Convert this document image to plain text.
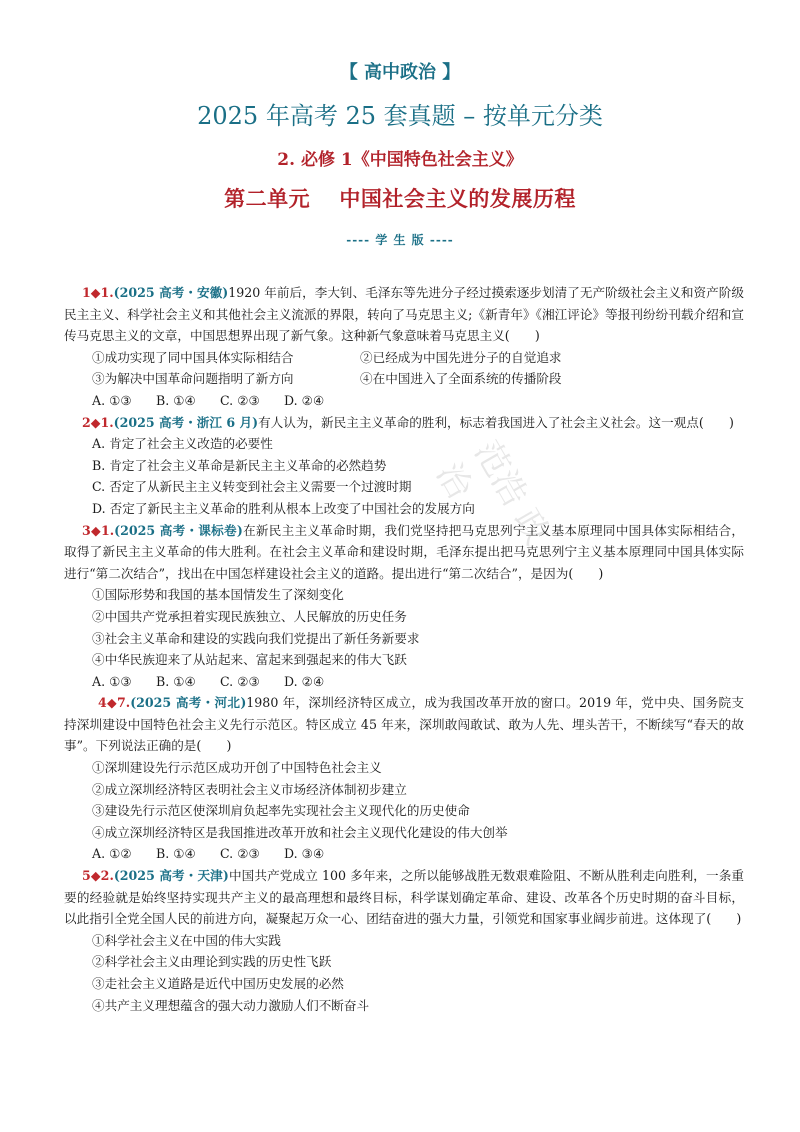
【 高中政治 】
2025 年高考 25 套真题 – 按单元分类
2. 必修 1《中国特色社会主义》
第二单元　 中国社会主义的发展历程
---- 学 生 版 ----
范浩 政治

1◆1.(2025 高考・安徽)1920 年前后，李大钊、毛泽东等先进分子经过摸索逐步划清了无产阶级社会主义和资产阶级民主主义、科学社会主义和其他社会主义流派的界限，转向了马克思主义;《新青年》《湘江评论》等报刊纷纷刊载介绍和宣传马克思主义的文章，中国思想界出现了新气象。这种新气象意味着马克思主义(　　)

①成功实现了同中国具体实际相结合	②已经成为中国先进分子的自觉追求
③为解决中国革命问题指明了新方向	④在中国进入了全面系统的传播阶段
A. ①③ B. ①④ C. ②③ D. ②④

2◆1.(2025 高考・浙江 6 月)有人认为，新民主主义革命的胜利，标志着我国进入了社会主义社会。这一观点(　　)

A. 肯定了社会主义改造的必要性
B. 肯定了社会主义革命是新民主主义革命的必然趋势
C. 否定了从新民主主义转变到社会主义需要一个过渡时期
D. 否定了新民主主义革命的胜利从根本上改变了中国社会的发展方向

3◆1.(2025 高考・课标卷)在新民主主义革命时期，我们党坚持把马克思列宁主义基本原理同中国具体实际相结合，取得了新民主主义革命的伟大胜利。在社会主义革命和建设时期，毛泽东提出把马克思列宁主义基本原理同中国具体实际进行“第二次结合”，找出在中国怎样建设社会主义的道路。提出进行“第二次结合”，是因为(　　)

①国际形势和我国的基本国情发生了深刻变化
②中国共产党承担着实现民族独立、人民解放的历史任务
③社会主义革命和建设的实践向我们党提出了新任务新要求
④中华民族迎来了从站起来、富起来到强起来的伟大飞跃
A. ①③ B. ①④ C. ②③ D. ②④

4◆7.(2025 高考・河北)1980 年，深圳经济特区成立，成为我国改革开放的窗口。2019 年，党中央、国务院支持深圳建设中国特色社会主义先行示范区。特区成立 45 年来，深圳敢闯敢试、敢为人先、埋头苦干，不断续写“春天的故事”。下列说法正确的是(　　)

①深圳建设先行示范区成功开创了中国特色社会主义
②成立深圳经济特区表明社会主义市场经济体制初步建立
③建设先行示范区使深圳肩负起率先实现社会主义现代化的历史使命
④成立深圳经济特区是我国推进改革开放和社会主义现代化建设的伟大创举
A. ①② B. ①④ C. ②③ D. ③④

5◆2.(2025 高考・天津)中国共产党成立 100 多年来，之所以能够战胜无数艰难险阻、不断从胜利走向胜利，一条重要的经验就是始终坚持实现共产主义的最高理想和最终目标，科学谋划确定革命、建设、改革各个历史时期的奋斗目标，以此指引全党全国人民的前进方向，凝聚起万众一心、团结奋进的强大力量，引领党和国家事业阔步前进。这体现了(　　)

①科学社会主义在中国的伟大实践
②科学社会主义由理论到实践的历史性飞跃
③走社会主义道路是近代中国历史发展的必然
④共产主义理想蕴含的强大动力激励人们不断奋斗
